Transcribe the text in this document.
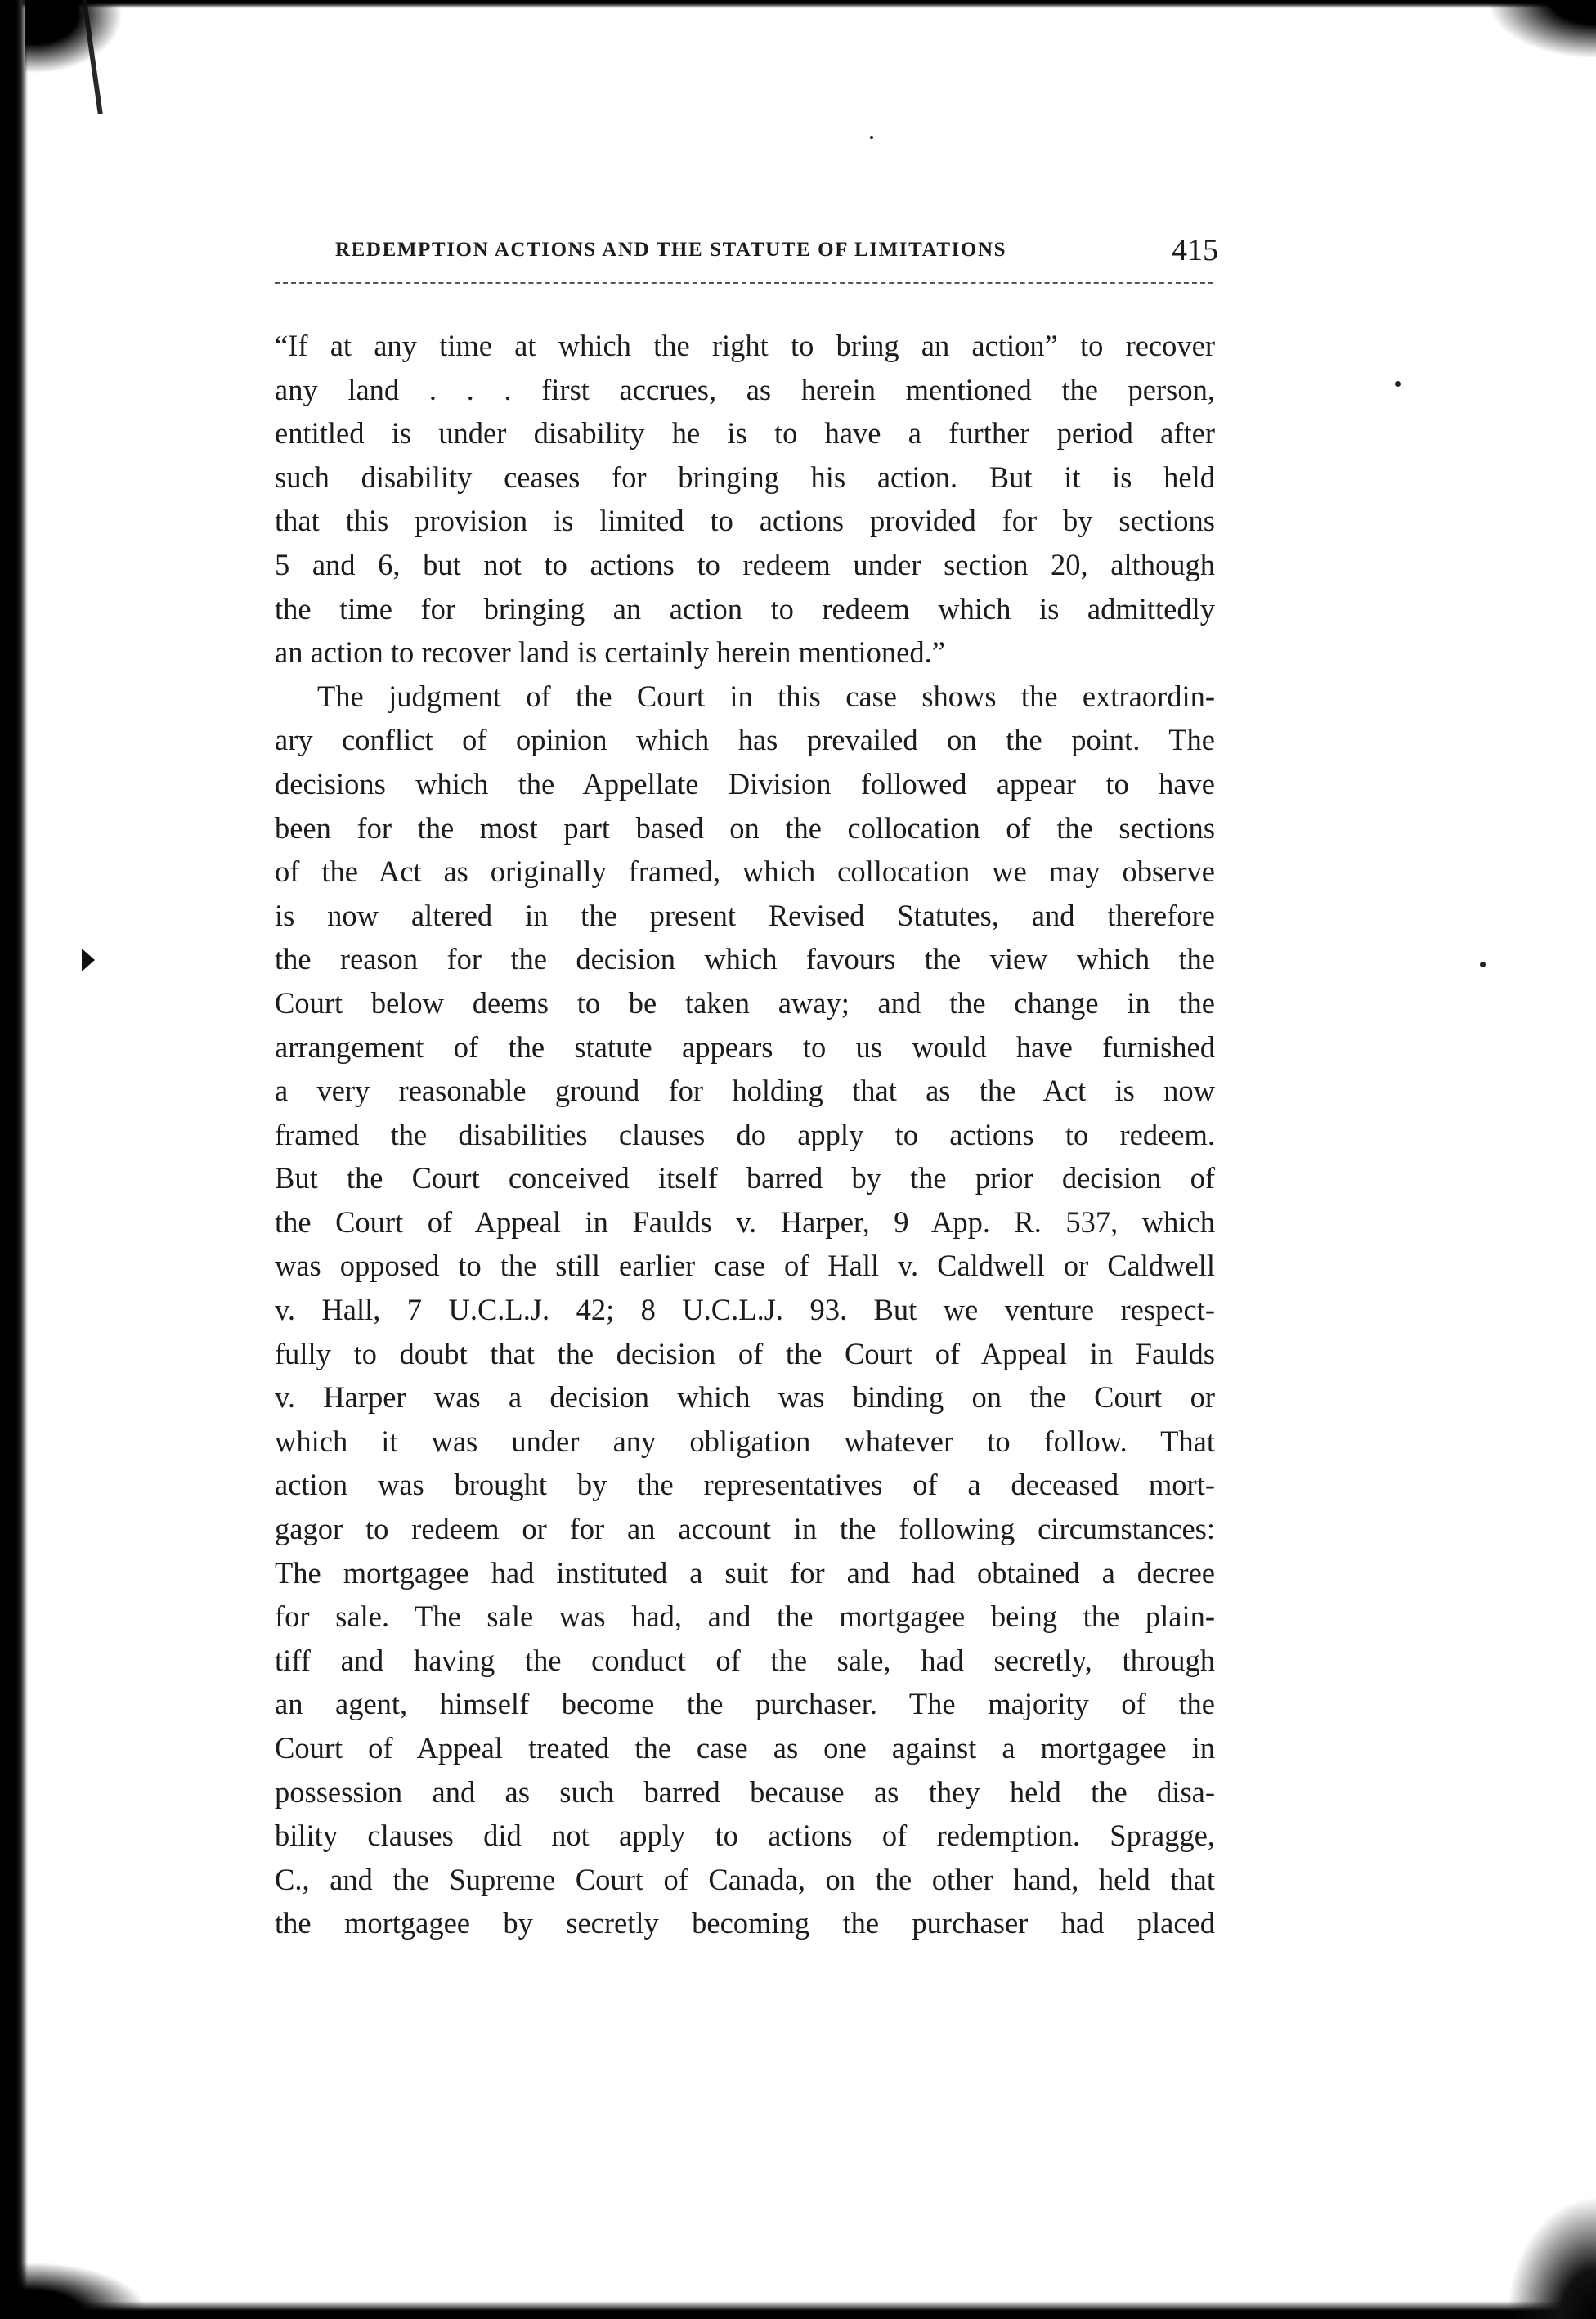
REDEMPTION ACTIONS AND THE STATUTE OF LIMITATIONS	415

“If at any time at which the right to bring an action” to recover
any land . . . first accrues, as herein mentioned the person,
entitled is under disability he is to have a further period after
such disability ceases for bringing his action. But it is held
that this provision is limited to actions provided for by sections
5 and 6, but not to actions to redeem under section 20, although
the time for bringing an action to redeem which is admittedly
an action to recover land is certainly herein mentioned.”

The judgment of the Court in this case shows the extraordin-
ary conflict of opinion which has prevailed on the point. The
decisions which the Appellate Division followed appear to have
been for the most part based on the collocation of the sections
of the Act as originally framed, which collocation we may observe
is now altered in the present Revised Statutes, and therefore
the reason for the decision which favours the view which the
Court below deems to be taken away; and the change in the
arrangement of the statute appears to us would have furnished
a very reasonable ground for holding that as the Act is now
framed the disabilities clauses do apply to actions to redeem.
But the Court conceived itself barred by the prior decision of
the Court of Appeal in Faulds v. Harper, 9 App. R. 537, which
was opposed to the still earlier case of Hall v. Caldwell or Caldwell
v. Hall, 7 U.C.L.J. 42; 8 U.C.L.J. 93. But we venture respect-
fully to doubt that the decision of the Court of Appeal in Faulds
v. Harper was a decision which was binding on the Court or
which it was under any obligation whatever to follow. That
action was brought by the representatives of a deceased mort-
gagor to redeem or for an account in the following circumstances:
The mortgagee had instituted a suit for and had obtained a decree
for sale. The sale was had, and the mortgagee being the plain-
tiff and having the conduct of the sale, had secretly, through
an agent, himself become the purchaser. The majority of the
Court of Appeal treated the case as one against a mortgagee in
possession and as such barred because as they held the disa-
bility clauses did not apply to actions of redemption. Spragge,
C., and the Supreme Court of Canada, on the other hand, held that
the mortgagee by secretly becoming the purchaser had placed
